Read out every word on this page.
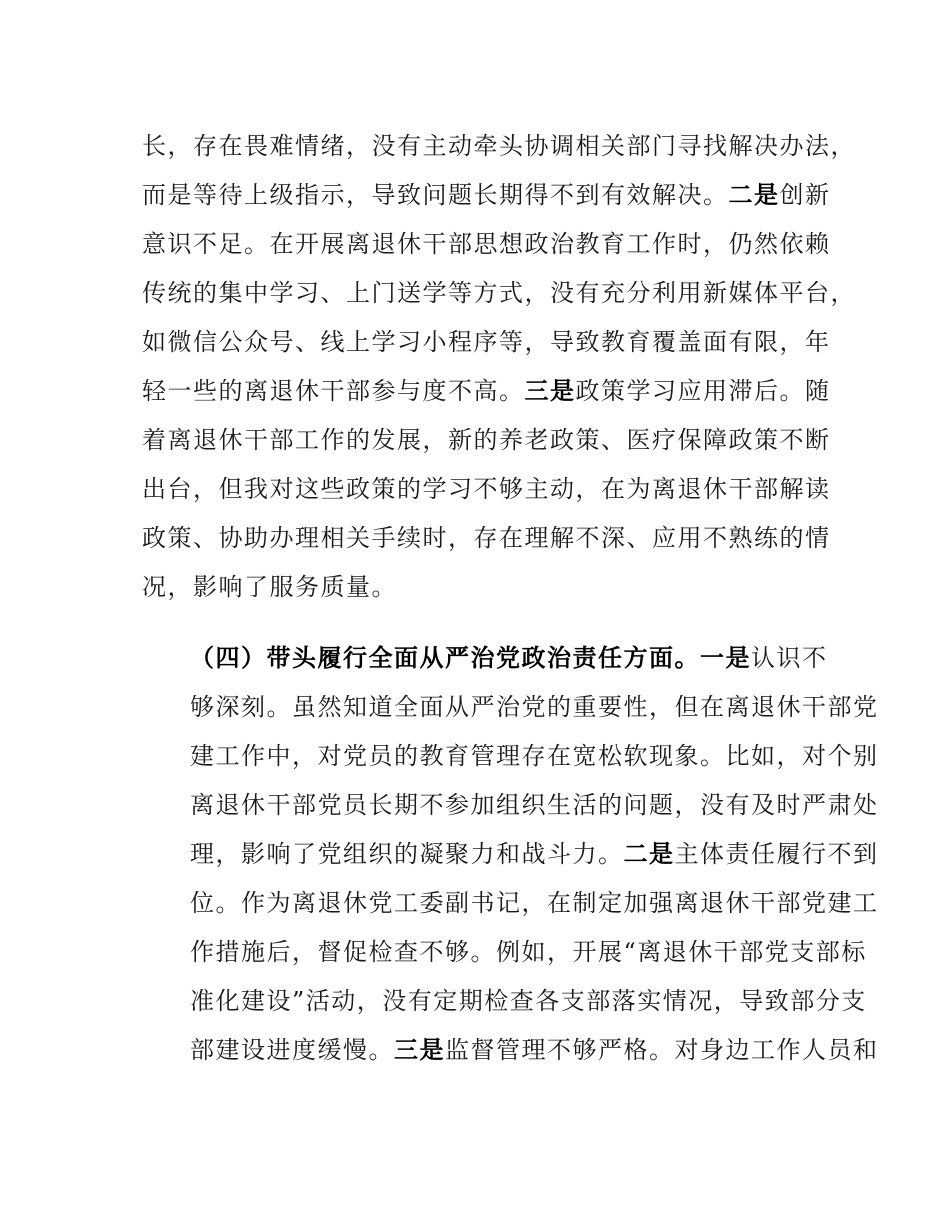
长，存在畏难情绪，没有主动牵头协调相关部门寻找解决办法，
而是等待上级指示，导致问题长期得不到有效解决。二是创新
意识不足。在开展离退休干部思想政治教育工作时，仍然依赖
传统的集中学习、上门送学等方式，没有充分利用新媒体平台，
如微信公众号、线上学习小程序等，导致教育覆盖面有限，年
轻一些的离退休干部参与度不高。三是政策学习应用滞后。随
着离退休干部工作的发展，新的养老政策、医疗保障政策不断
出台，但我对这些政策的学习不够主动，在为离退休干部解读
政策、协助办理相关手续时，存在理解不深、应用不熟练的情
况，影响了服务质量。

（四）带头履行全面从严治党政治责任方面。一是认识不
够深刻。虽然知道全面从严治党的重要性，但在离退休干部党
建工作中，对党员的教育管理存在宽松软现象。比如，对个别
离退休干部党员长期不参加组织生活的问题，没有及时严肃处
理，影响了党组织的凝聚力和战斗力。二是主体责任履行不到
位。作为离退休党工委副书记，在制定加强离退休干部党建工
作措施后，督促检查不够。例如，开展“离退休干部党支部标
准化建设”活动，没有定期检查各支部落实情况，导致部分支
部建设进度缓慢。三是监督管理不够严格。对身边工作人员和
